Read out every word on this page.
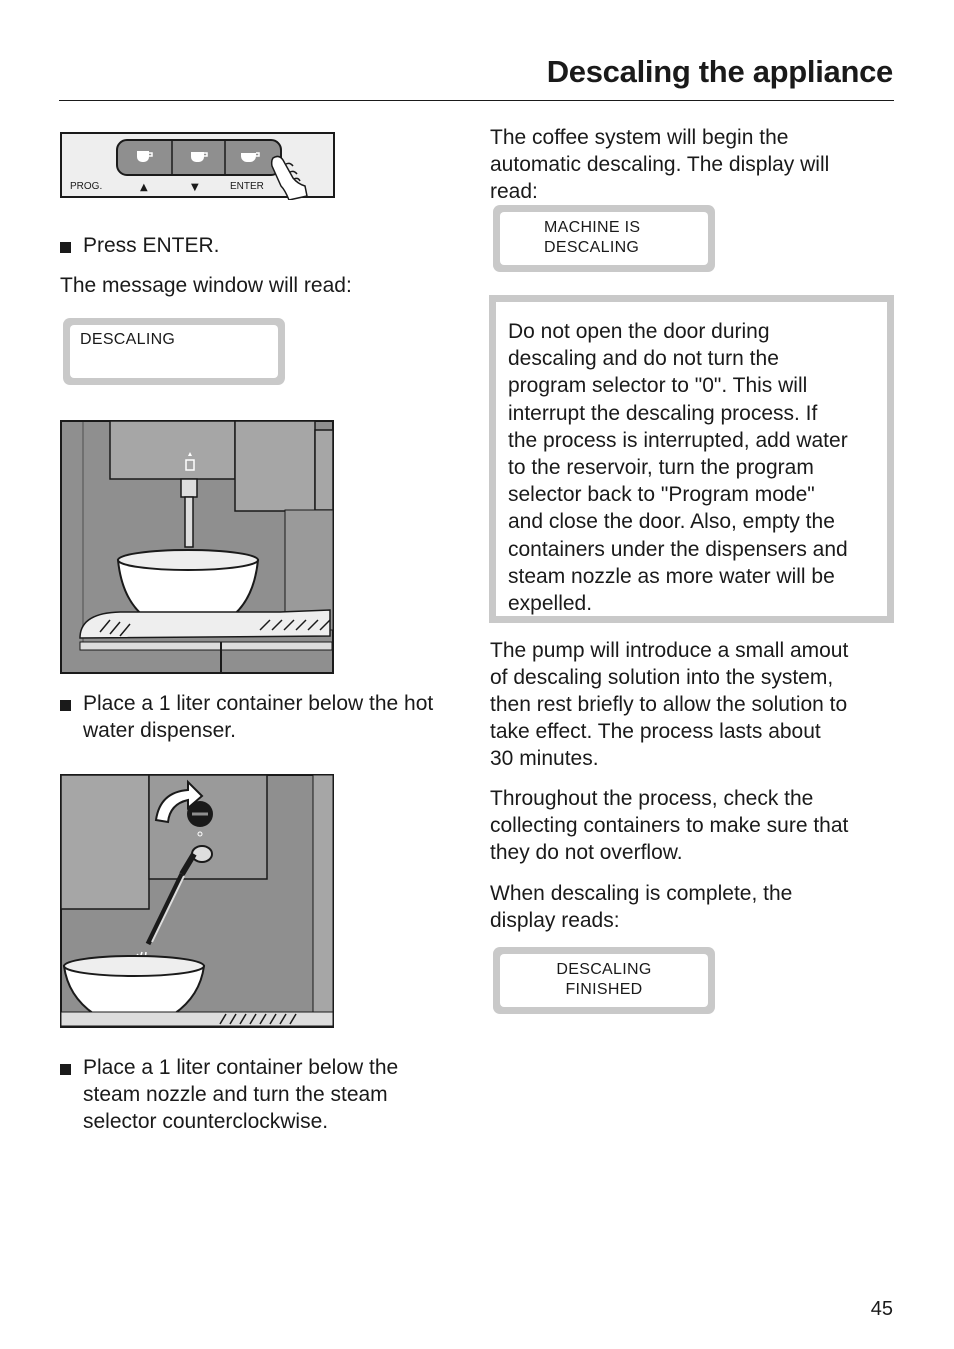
Descaling the appliance
PROG.	▲	▼	ENTER
Press ENTER.

The message window will read:

DESCALING
Place a 1 liter container below the hot
water dispenser.
Place a 1 liter container below the
steam nozzle and turn the steam
selector counterclockwise.
The coffee system will begin the
automatic descaling. The display will
read:
MACHINE IS
DESCALING
Do not open the door during
descaling and do not turn the
program selector to "0". This will
interrupt the descaling process. If
the process is interrupted, add water
to the reservoir, turn the program
selector back to "Program mode"
and close the door. Also, empty the
containers under the dispensers and
steam nozzle as more water will be
expelled.
The pump will introduce a small amout
of descaling solution into the system,
then rest briefly to allow the solution to
take effect. The process lasts about
30 minutes.
Throughout the process, check the
collecting containers to make sure that
they do not overflow.
When descaling is complete, the
display reads:
DESCALING
FINISHED
45
